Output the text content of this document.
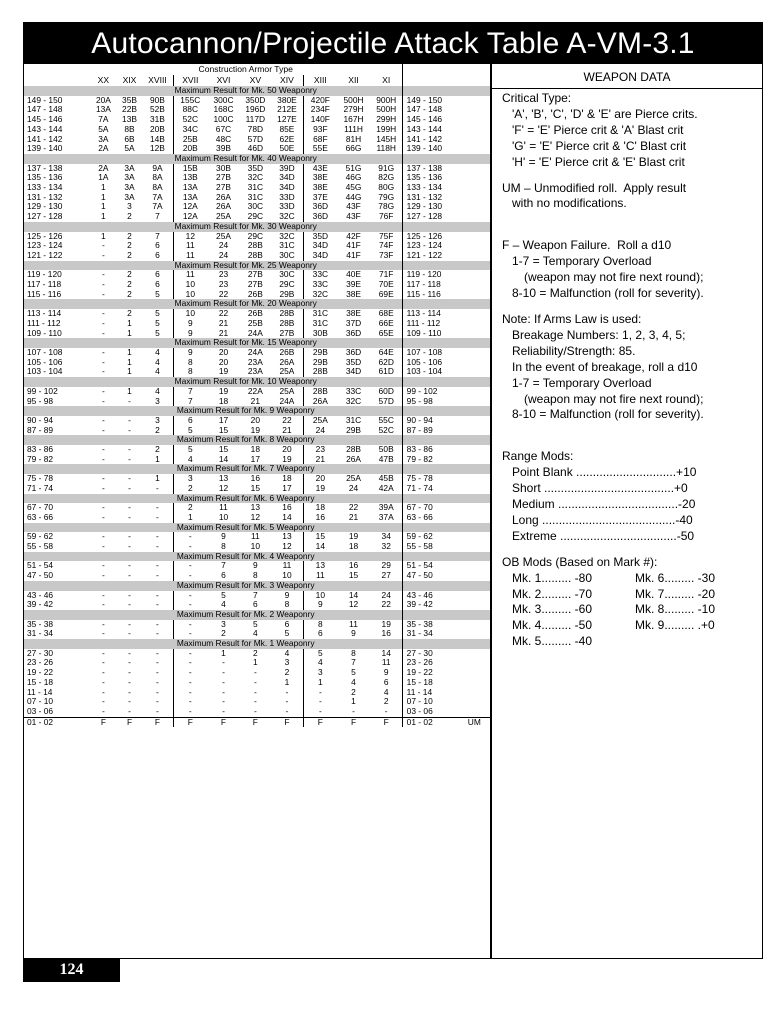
Autocannon/Projectile Attack Table A-VM-3.1
	Construction Armor Type											
	XX	XIX	XVIII	XVII	XVI	XV	XIV	XIII	XII	XI		
	Maximum Result for Mk. 50 Weaponry											
149 - 150	20A	35B	90B	155C	300C	350D	380E	420F	500H	900H	149 - 150	
147 - 148	13A	22B	52B	88C	168C	196D	212E	234F	279H	500H	147 - 148	
145 - 146	7A	13B	31B	52C	100C	117D	127E	140F	167H	299H	145 - 146	
143 - 144	5A	8B	20B	34C	67C	78D	85E	93F	111H	199H	143 - 144	
141 - 142	3A	6B	14B	25B	48C	57D	62E	68F	81H	145H	141 - 142	
139 - 140	2A	5A	12B	20B	39B	46D	50E	55E	66G	118H	139 - 140	
	Maximum Result for Mk. 40 Weaponry											
137 - 138	2A	3A	9A	15B	30B	35D	39D	43E	51G	91G	137 - 138	
135 - 136	1A	3A	8A	13B	27B	32C	34D	38E	46G	82G	135 - 136	
133 - 134	1	3A	8A	13A	27B	31C	34D	38E	45G	80G	133 - 134	
131 - 132	1	3A	7A	13A	26A	31C	33D	37E	44G	79G	131 - 132	
129 - 130	1	3	7A	12A	26A	30C	33D	36D	43F	78G	129 - 130	
127 - 128	1	2	7	12A	25A	29C	32C	36D	43F	76F	127 - 128	
	Maximum Result for Mk. 30 Weaponry											
125 - 126	1	2	7	12	25A	29C	32C	35D	42F	75F	125 - 126	
123 - 124	-	2	6	11	24	28B	31C	34D	41F	74F	123 - 124	
121 - 122	-	2	6	11	24	28B	30C	34D	41F	73F	121 - 122	
	Maximum Result for Mk. 25 Weaponry											
119 - 120	-	2	6	11	23	27B	30C	33C	40E	71F	119 - 120	
117 - 118	-	2	6	10	23	27B	29C	33C	39E	70E	117 - 118	
115 - 116	-	2	5	10	22	26B	29B	32C	38E	69E	115 - 116	
	Maximum Result for Mk. 20 Weaponry											
113 - 114	-	2	5	10	22	26B	28B	31C	38E	68E	113 - 114	
111 - 112	-	1	5	9	21	25B	28B	31C	37D	66E	111 - 112	
109 - 110	-	1	5	9	21	24A	27B	30B	36D	65E	109 - 110	
	Maximum Result for Mk. 15 Weaponry											
107 - 108	-	1	4	9	20	24A	26B	29B	36D	64E	107 - 108	
105 - 106	-	1	4	8	20	23A	26A	29B	35D	62D	105 - 106	
103 - 104	-	1	4	8	19	23A	25A	28B	34D	61D	103 - 104	
	Maximum Result for Mk. 10 Weaponry											
99 - 102	-	1	4	7	19	22A	25A	28B	33C	60D	99 - 102	
95 - 98	-	-	3	7	18	21	24A	26A	32C	57D	95 - 98	
	Maximum Result for Mk. 9 Weaponry											
90 - 94	-	-	3	6	17	20	22	25A	31C	55C	90 - 94	
87 - 89	-	-	2	5	15	19	21	24	29B	52C	87 - 89	
	Maximum Result for Mk. 8 Weaponry											
83 - 86	-	-	2	5	15	18	20	23	28B	50B	83 - 86	
79 - 82	-	-	1	4	14	17	19	21	26A	47B	79 - 82	
	Maximum Result for Mk. 7 Weaponry											
75 - 78	-	-	1	3	13	16	18	20	25A	45B	75 - 78	
71 - 74	-	-	-	2	12	15	17	19	24	42A	71 - 74	
	Maximum Result for Mk. 6 Weaponry											
67 - 70	-	-	-	2	11	13	16	18	22	39A	67 - 70	
63 - 66	-	-	-	1	10	12	14	16	21	37A	63 - 66	
	Maximum Result for Mk. 5 Weaponry											
59 - 62	-	-	-	-	9	11	13	15	19	34	59 - 62	
55 - 58	-	-	-	-	8	10	12	14	18	32	55 - 58	
	Maximum Result for Mk. 4 Weaponry											
51 - 54	-	-	-	-	7	9	11	13	16	29	51 - 54	
47 - 50	-	-	-	-	6	8	10	11	15	27	47 - 50	
	Maximum Result for Mk. 3 Weaponry											
43 - 46	-	-	-	-	5	7	9	10	14	24	43 - 46	
39 - 42	-	-	-	-	4	6	8	9	12	22	39 - 42	
	Maximum Result for Mk. 2 Weaponry											
35 - 38	-	-	-	-	3	5	6	8	11	19	35 - 38	
31 - 34	-	-	-	-	2	4	5	6	9	16	31 - 34	
	Maximum Result for Mk. 1 Weaponry											
27 - 30	-	-	-	-	1	2	4	5	8	14	27 - 30	
23 - 26	-	-	-	-	-	1	3	4	7	11	23 - 26	
19 - 22	-	-	-	-	-	-	2	3	5	9	19 - 22	
15 - 18	-	-	-	-	-	-	1	1	4	6	15 - 18	
11 - 14	-	-	-	-	-	-	-	-	2	4	11 - 14	
07 - 10	-	-	-	-	-	-	-	-	1	2	07 - 10	
03 - 06	-	-	-	-	-	-	-	-	-	-	03 - 06	
01 - 02	F	F	F	F	F	F	F	F	F	F	01 - 02	UM
WEAPON DATA
Critical Type:
'A', 'B', 'C', 'D' & 'E' are Pierce crits.
'F' = 'E' Pierce crit & 'A' Blast crit
'G' = 'E' Pierce crit & 'C' Blast crit
'H' = 'E' Pierce crit & 'E' Blast crit
UM – Unmodified roll.  Apply result
with no modifications.
F – Weapon Failure.  Roll a d10
1-7 = Temporary Overload
(weapon may not fire next round);
8-10 = Malfunction (roll for severity).
Note: If Arms Law is used:
Breakage Numbers: 1, 2, 3, 4, 5;
Reliability/Strength: 85.
In the event of breakage, roll a d10
1-7 = Temporary Overload
(weapon may not fire next round);
8-10 = Malfunction (roll for severity).
Range Mods:
Point Blank ..............................+10
Short .......................................+0
Medium ....................................-20
Long ........................................-40
Extreme ...................................-50
OB Mods (Based on Mark #):
Mk. 1......... -80	Mk. 6......... -30
Mk. 2......... -70	Mk. 7......... -20
Mk. 3......... -60	Mk. 8......... -10
Mk. 4......... -50	Mk. 9......... .+0
Mk. 5......... -40
124
